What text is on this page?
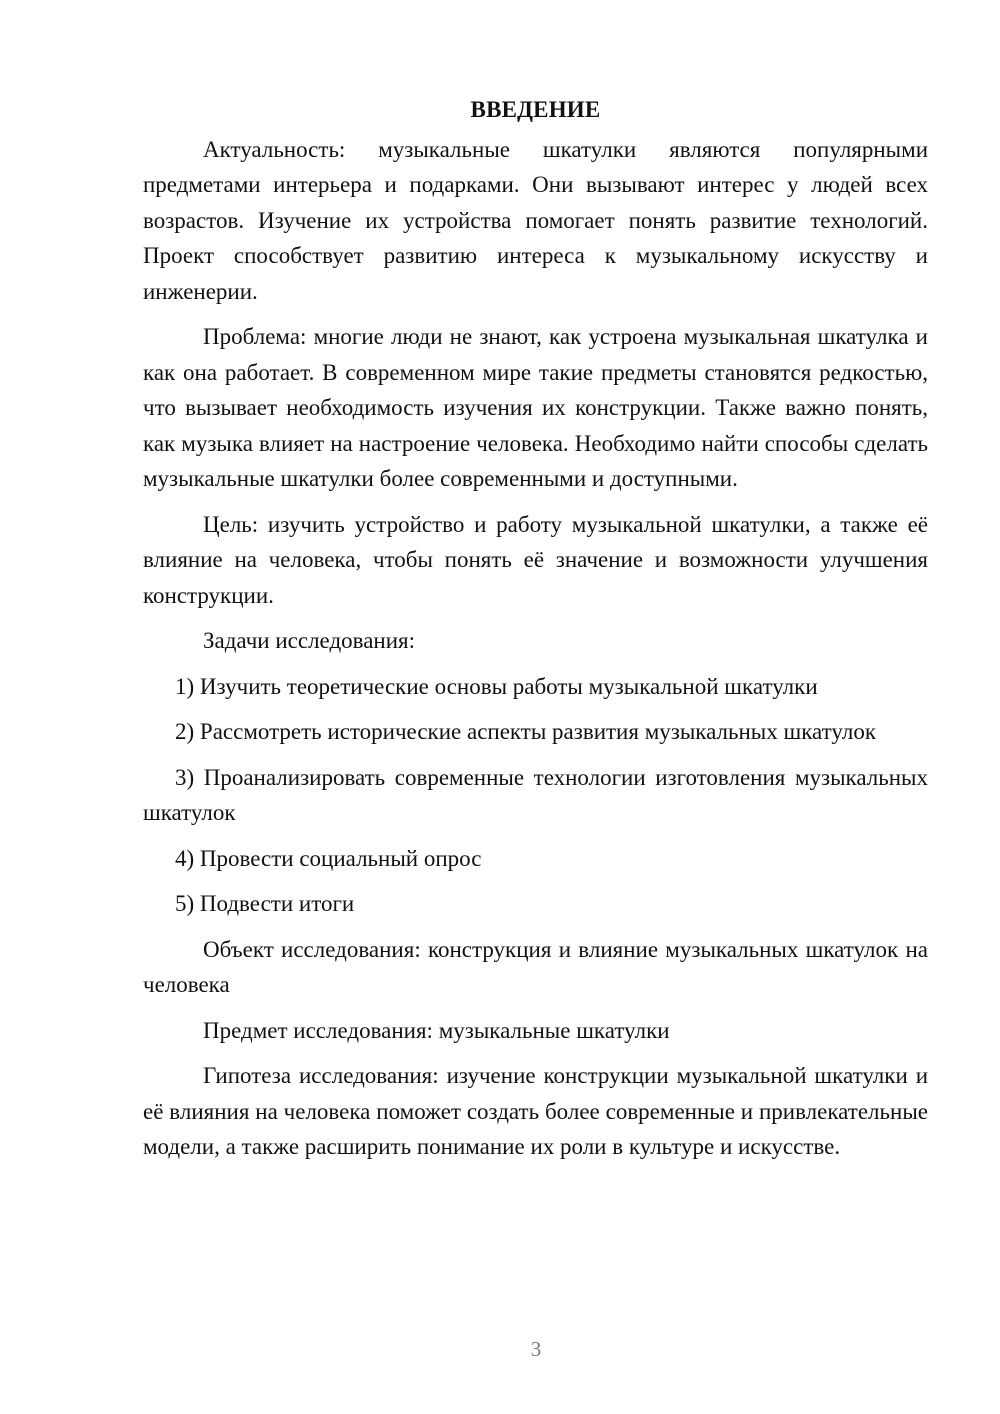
ВВЕДЕНИЕ

Актуальность: музыкальные шкатулки являются популярными предметами интерьера и подарками. Они вызывают интерес у людей всех возрастов. Изучение их устройства помогает понять развитие технологий. Проект способствует развитию интереса к музыкальному искусству и инженерии.

Проблема: многие люди не знают, как устроена музыкальная шкатулка и как она работает. В современном мире такие предметы становятся редкостью, что вызывает необходимость изучения их конструкции. Также важно понять, как музыка влияет на настроение человека. Необходимо найти способы сделать музыкальные шкатулки более современными и доступными.

Цель: изучить устройство и работу музыкальной шкатулки, а также её влияние на человека, чтобы понять её значение и возможности улучшения конструкции.

Задачи исследования:

1) Изучить теоретические основы работы музыкальной шкатулки

2) Рассмотреть исторические аспекты развития музыкальных шкатулок

3) Проанализировать современные технологии изготовления музыкальных шкатулок

4) Провести социальный опрос

5) Подвести итоги

Объект исследования: конструкция и влияние музыкальных шкатулок на человека

Предмет исследования: музыкальные шкатулки

Гипотеза исследования: изучение конструкции музыкальной шкатулки и её влияния на человека поможет создать более современные и привлекательные модели, а также расширить понимание их роли в культуре и искусстве.

3
